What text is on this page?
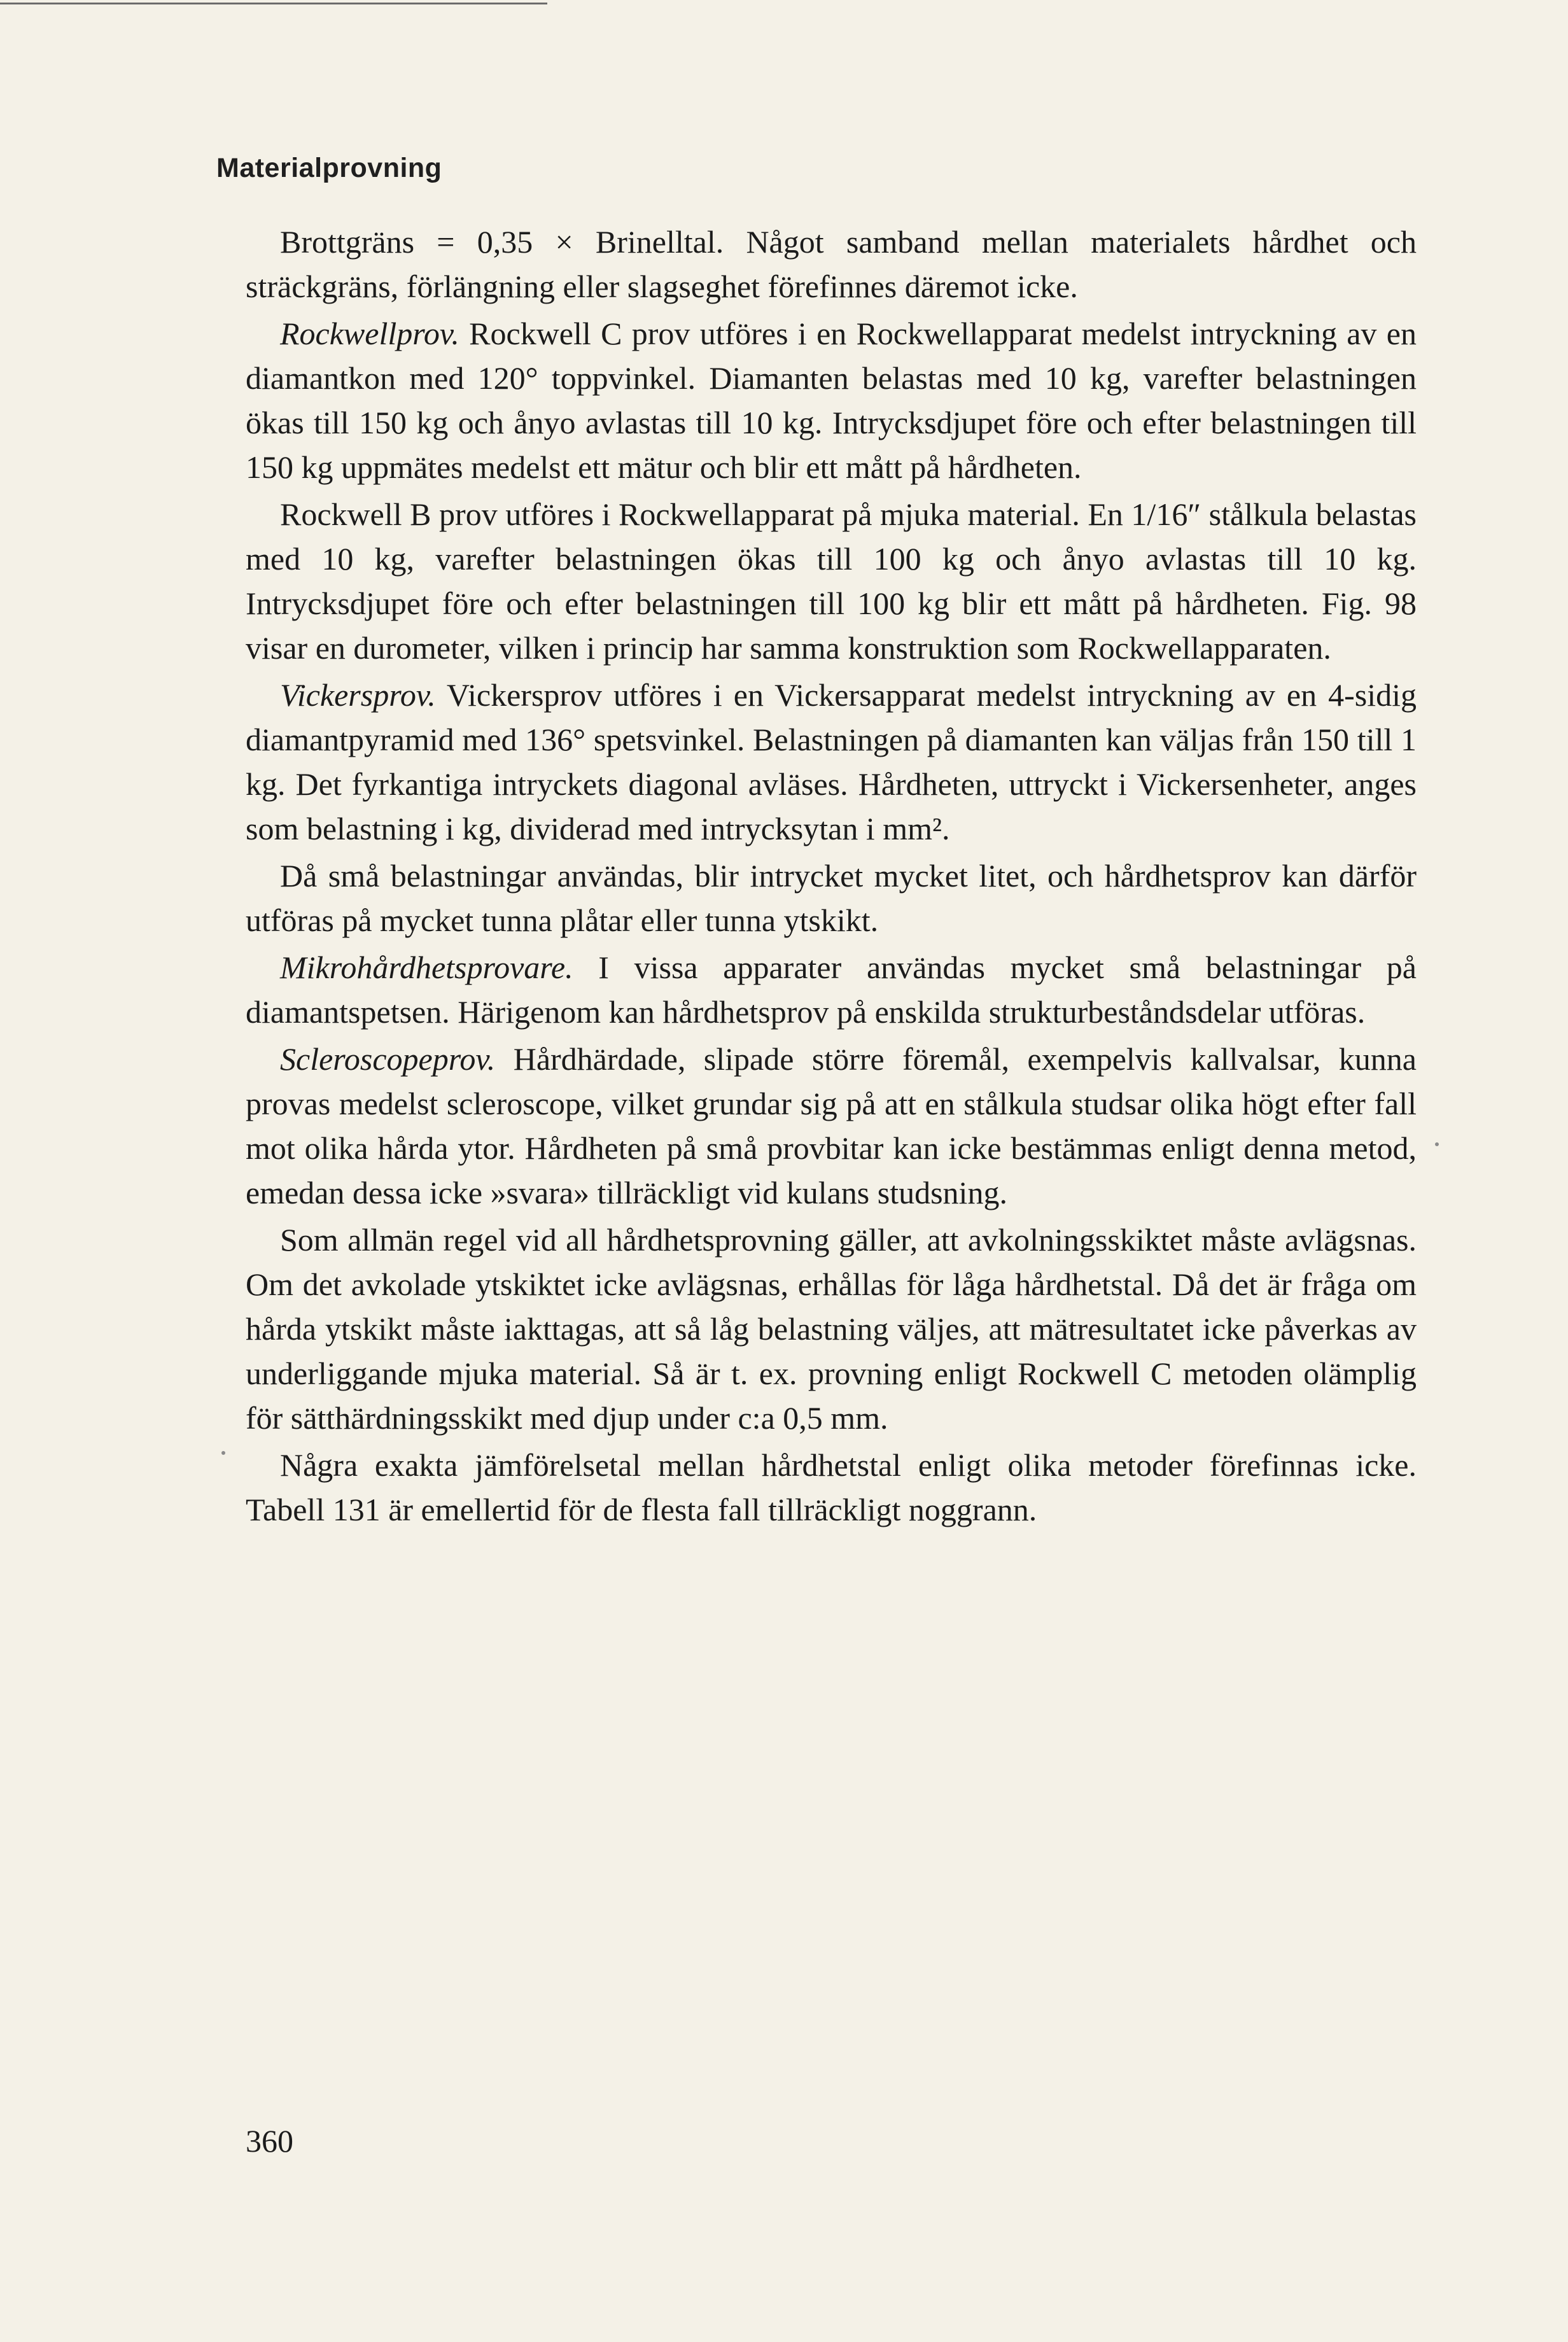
Materialprovning

Brottgräns = 0,35 × Brinelltal. Något samband mellan materialets hårdhet och sträckgräns, förlängning eller slagseghet förefinnes däremot icke.

Rockwellprov. Rockwell C prov utföres i en Rockwellapparat medelst intryckning av en diamantkon med 120° toppvinkel. Diamanten belastas med 10 kg, varefter belastningen ökas till 150 kg och ånyo avlastas till 10 kg. Intrycksdjupet före och efter belastningen till 150 kg uppmätes medelst ett mätur och blir ett mått på hårdheten.

Rockwell B prov utföres i Rockwellapparat på mjuka material. En 1/16″ stålkula belastas med 10 kg, varefter belastningen ökas till 100 kg och ånyo avlastas till 10 kg. Intrycksdjupet före och efter belastningen till 100 kg blir ett mått på hårdheten. Fig. 98 visar en durometer, vilken i princip har samma konstruktion som Rockwellapparaten.

Vickersprov. Vickersprov utföres i en Vickersapparat medelst intryckning av en 4-sidig diamantpyramid med 136° spetsvinkel. Belastningen på diamanten kan väljas från 150 till 1 kg. Det fyrkantiga intryckets diagonal avläses. Hårdheten, uttryckt i Vickersenheter, anges som belastning i kg, dividerad med intrycksytan i mm².

Då små belastningar användas, blir intrycket mycket litet, och hårdhetsprov kan därför utföras på mycket tunna plåtar eller tunna ytskikt.

Mikrohårdhetsprovare. I vissa apparater användas mycket små belastningar på diamantspetsen. Härigenom kan hårdhetsprov på enskilda strukturbeståndsdelar utföras.

Scleroscopeprov. Hårdhärdade, slipade större föremål, exempelvis kallvalsar, kunna provas medelst scleroscope, vilket grundar sig på att en stålkula studsar olika högt efter fall mot olika hårda ytor. Hårdheten på små provbitar kan icke bestämmas enligt denna metod, emedan dessa icke »svara» tillräckligt vid kulans studsning.

Som allmän regel vid all hårdhetsprovning gäller, att avkolningsskiktet måste avlägsnas. Om det avkolade ytskiktet icke avlägsnas, erhållas för låga hårdhetstal. Då det är fråga om hårda ytskikt måste iakttagas, att så låg belastning väljes, att mätresultatet icke påverkas av underliggande mjuka material. Så är t. ex. provning enligt Rockwell C metoden olämplig för sätthärdningsskikt med djup under c:a 0,5 mm.

Några exakta jämförelsetal mellan hårdhetstal enligt olika metoder förefinnas icke. Tabell 131 är emellertid för de flesta fall tillräckligt noggrann.

360
